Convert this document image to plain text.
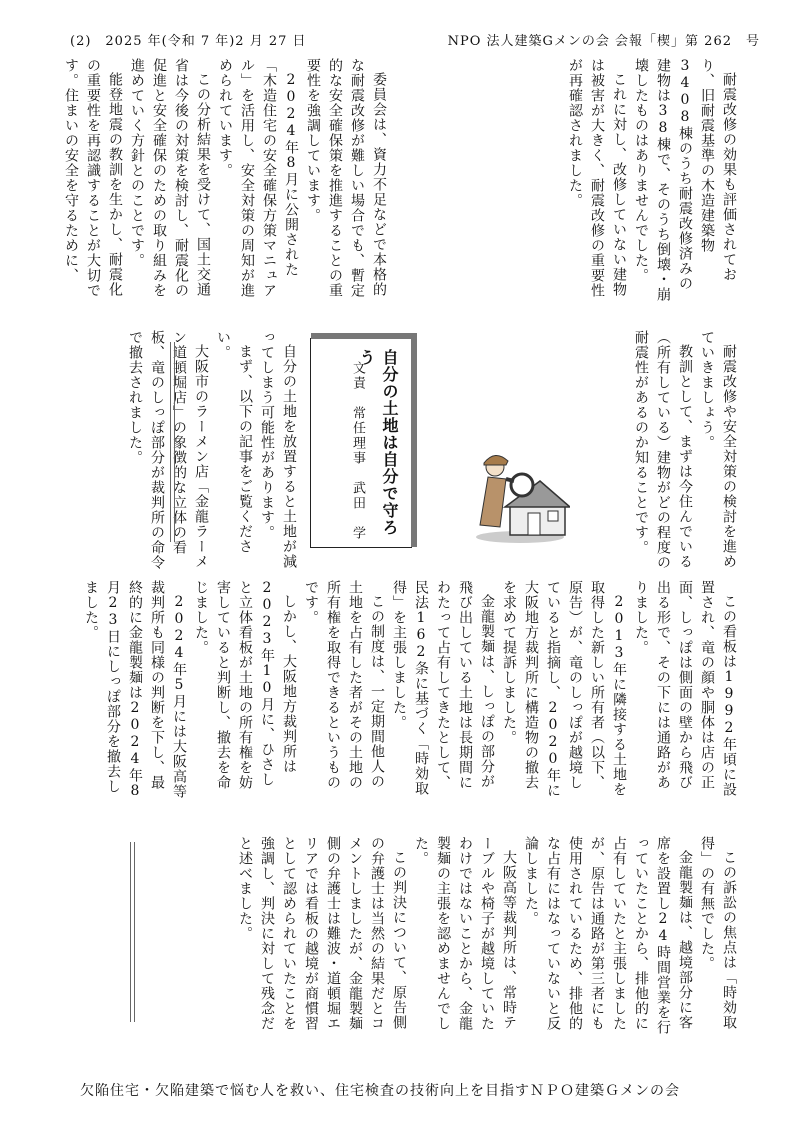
(2)　2025 年(令和 7 年)2 月 27 日	NPO 法人建築Gメンの会 会報「楔」第 262　号

耐震改修の効果も評価されており、旧耐震基準の木造建築物3408棟のうち耐震改修済みの建物は38棟で、そのうち倒壊・崩壊したものはありませんでした。

これに対し、改修していない建物は被害が大きく、耐震改修の重要性が再確認されました。

委員会は、資力不足などで本格的な耐震改修が難しい場合でも、暫定的な安全確保策を推進することの重要性を強調しています。

2024年8月に公開された「木造住宅の安全確保方策マニュアル」を活用し、安全対策の周知が進められています。

この分析結果を受けて、国土交通省は今後の対策を検討し、耐震化の促進と安全確保のための取り組みを進めていく方針とのことです。

能登地震の教訓を生かし、耐震化の重要性を再認識することが大切です。住まいの安全を守るために、

耐震改修や安全対策の検討を進めていきましょう。

教訓として、まずは今住んでいる（所有している）建物がどの程度の耐震性があるのか知ることです。

自分の土地は自分で守ろう
文責　常任理事　武田　学

自分の土地を放置すると土地が減ってしまう可能性があります。

まず、以下の記事をご覧ください。

大阪市のラーメン店「金龍ラーメン道頓堀店」の象徴的な立体の看板、竜のしっぽ部分が裁判所の命令で撤去されました。

この看板は1992年頃に設置され、竜の顔や胴体は店の正面、しっぽは側面の壁から飛び出る形で、その下には通路がありました。

2013年に隣接する土地を取得した新しい所有者（以下、原告）が、竜のしっぽが越境していると指摘し、2020年に大阪地方裁判所に構造物の撤去を求めて提訴しました。

金龍製麺は、しっぽの部分が飛び出している土地は長期間にわたって占有してきたとして、民法162条に基づく「時効取得」を主張しました。

この制度は、一定期間他人の土地を占有した者がその土地の所有権を取得できるというものです。

しかし、大阪地方裁判所は2023年10月に、ひさしと立体看板が土地の所有権を妨害していると判断し、撤去を命じました。

2024年5月には大阪高等裁判所も同様の判断を下し、最終的に金龍製麺は2024年8月23日にしっぽ部分を撤去しました。

この訴訟の焦点は「時効取得」の有無でした。

金龍製麺は、越境部分に客席を設置し24時間営業を行っていたことから、排他的に占有していたと主張しましたが、原告は通路が第三者にも使用されているため、排他的な占有にはなっていないと反論しました。

大阪高等裁判所は、常時テーブルや椅子が越境していたわけではないことから、金龍製麺の主張を認めませんでした。

この判決について、原告側の弁護士は当然の結果だとコメントしましたが、金龍製麺側の弁護士は難波・道頓堀エリアでは看板の越境が商慣習として認められていたことを強調し、判決に対して残念だと述べました。

欠陥住宅・欠陥建築で悩む人を救い、住宅検査の技術向上を目指すＮＰＯ建築Ｇメンの会
